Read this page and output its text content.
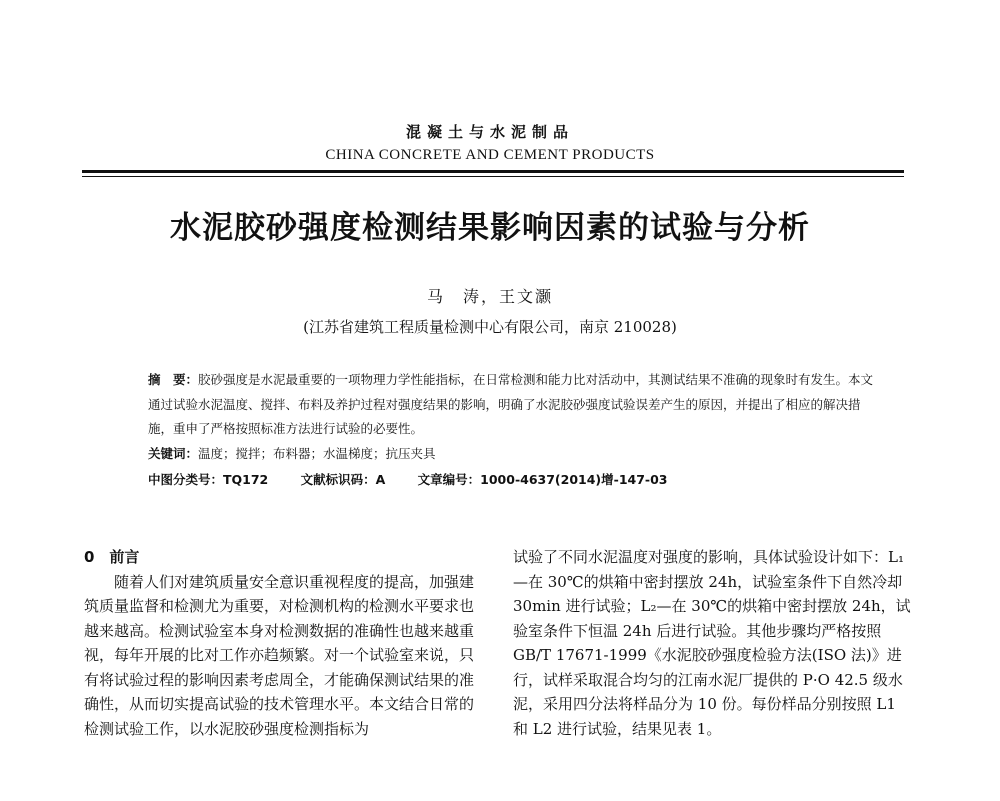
混凝土与水泥制品
CHINA CONCRETE AND CEMENT PRODUCTS
水泥胶砂强度检测结果影响因素的试验与分析
马　涛，王文灏
(江苏省建筑工程质量检测中心有限公司，南京 210028)
摘　要：胶砂强度是水泥最重要的一项物理力学性能指标，在日常检测和能力比对活动中，其测试结果不准确的现象时有发生。本文通过试验水泥温度、搅拌、布料及养护过程对强度结果的影响，明确了水泥胶砂强度试验误差产生的原因，并提出了相应的解决措施，重申了严格按照标准方法进行试验的必要性。
关键词：温度；搅拌；布料器；水温梯度；抗压夹具
中图分类号：TQ172	文献标识码：A	文章编号：1000-4637(2014)增-147-03

0　前言

随着人们对建筑质量安全意识重视程度的提高，加强建筑质量监督和检测尤为重要，对检测机构的检测水平要求也越来越高。检测试验室本身对检测数据的准确性也越来越重视，每年开展的比对工作亦趋频繁。对一个试验室来说，只有将试验过程的影响因素考虑周全，才能确保测试结果的准确性，从而切实提高试验的技术管理水平。本文结合日常的检测试验工作，以水泥胶砂强度检测指标为

试验了不同水泥温度对强度的影响，具体试验设计如下：L₁—在 30℃的烘箱中密封摆放 24h，试验室条件下自然冷却 30min 进行试验；L₂—在 30℃的烘箱中密封摆放 24h，试验室条件下恒温 24h 后进行试验。其他步骤均严格按照 GB/T 17671-1999《水泥胶砂强度检验方法(ISO 法)》进行，试样采取混合均匀的江南水泥厂提供的 P·O 42.5 级水泥，采用四分法将样品分为 10 份。每份样品分别按照 L1 和 L2 进行试验，结果见表 1。
